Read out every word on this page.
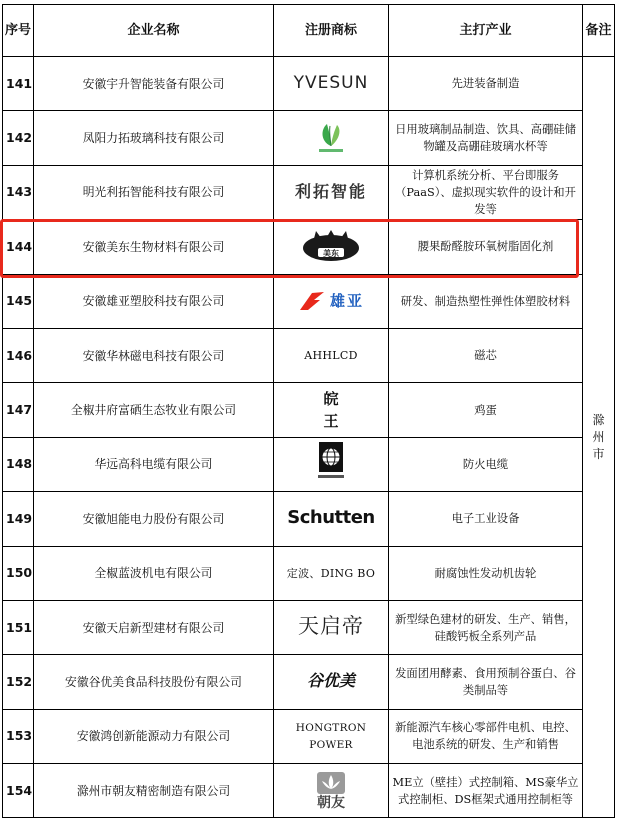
序号	企业名称	注册商标	主打产业	备注
141	安徽宇升智能装备有限公司	YVESUN	先进装备制造	滁州市
142	凤阳力拓玻璃科技有限公司		日用玻璃制品制造、饮具、高硼硅储物罐及高硼硅玻璃水杯等	
143	明光利拓智能科技有限公司	利拓智能	计算机系统分析、平台即服务（PaaS）、虚拟现实软件的设计和开发等	
144	安徽美东生物材料有限公司	美东	腰果酚醛胺环氧树脂固化剂	
145	安徽雄亚塑胶科技有限公司	雄亚	研发、制造热塑性弹性体塑胶材料	
146	安徽华林磁电科技有限公司	AHHLCD	磁芯	
147	全椒井府富硒生态牧业有限公司	皖王	鸡蛋	
148	华远高科电缆有限公司		防火电缆	
149	安徽旭能电力股份有限公司	Schutten	电子工业设备	
150	全椒蓝波机电有限公司	定波、DING BO	耐腐蚀性发动机齿轮	
151	安徽天启新型建材有限公司	天启帝	新型绿色建材的研发、生产、销售，硅酸钙板全系列产品	
152	安徽谷优美食品科技股份有限公司	谷优美	发面团用酵素、食用预制谷蛋白、谷类制品等	
153	安徽鸿创新能源动力有限公司	HONGTRON POWER	新能源汽车核心零部件电机、电控、电池系统的研发、生产和销售	
154	滁州市朝友精密制造有限公司	朝友	ME立（壁挂）式控制箱、MS豪华立式控制柜、DS框架式通用控制柜等	
